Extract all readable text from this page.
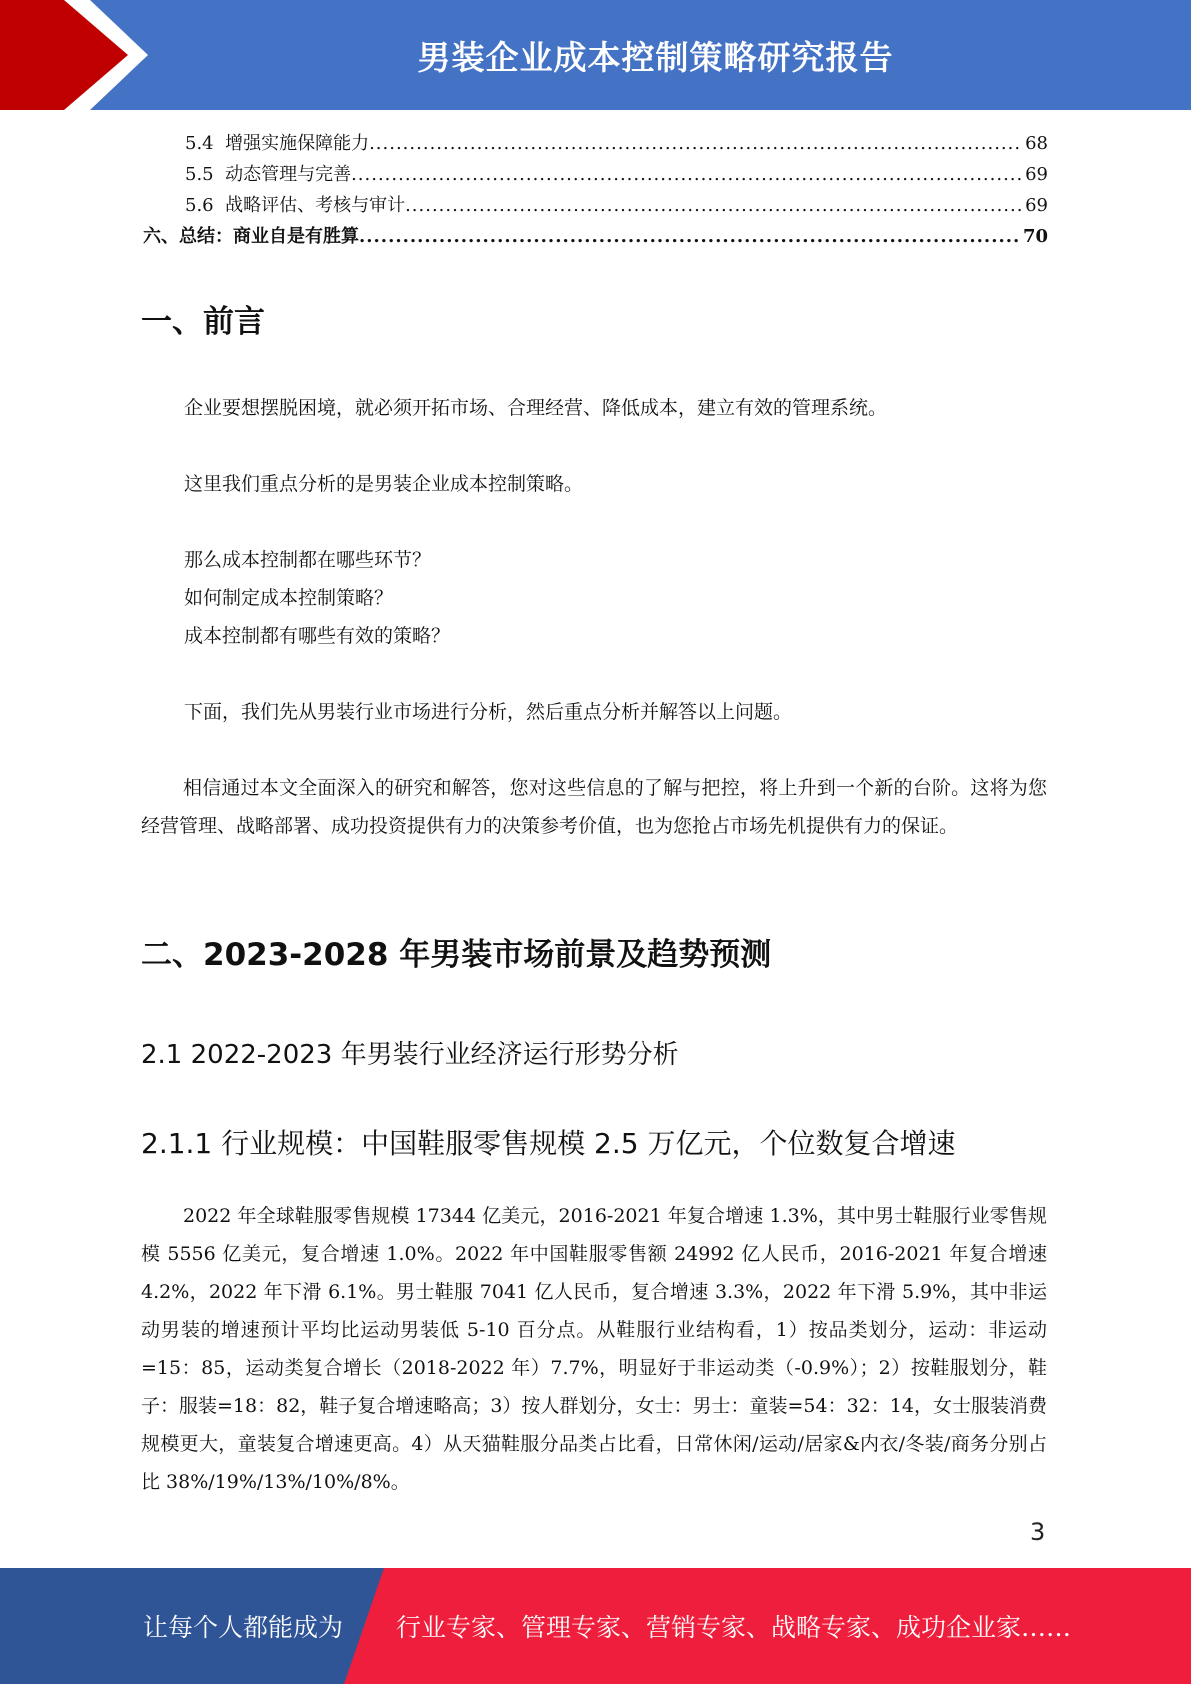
男装企业成本控制策略研究报告
5.4 增强实施保障能力 .....	68
5.5 动态管理与完善 .....	69
5.6 战略评估、考核与审计 .....	69
六、总结：商业自是有胜算 .....	70
一、前言
企业要想摆脱困境，就必须开拓市场、合理经营、降低成本，建立有效的管理系统。
这里我们重点分析的是男装企业成本控制策略。
那么成本控制都在哪些环节？
如何制定成本控制策略？
成本控制都有哪些有效的策略？
下面，我们先从男装行业市场进行分析，然后重点分析并解答以上问题。
相信通过本文全面深入的研究和解答，您对这些信息的了解与把控，将上升到一个新的台阶。这将为您经营管理、战略部署、成功投资提供有力的决策参考价值，也为您抢占市场先机提供有力的保证。
二、2023-2028 年男装市场前景及趋势预测
2.1 2022-2023 年男装行业经济运行形势分析
2.1.1 行业规模：中国鞋服零售规模 2.5 万亿元，个位数复合增速
2022 年全球鞋服零售规模 17344 亿美元，2016-2021 年复合增速 1.3%，其中男士鞋服行业零售规模 5556 亿美元，复合增速 1.0%。2022 年中国鞋服零售额 24992 亿人民币，2016-2021 年复合增速 4.2%，2022 年下滑 6.1%。男士鞋服 7041 亿人民币，复合增速 3.3%，2022 年下滑 5.9%，其中非运动男装的增速预计平均比运动男装低 5-10 百分点。从鞋服行业结构看，1）按品类划分，运动：非运动=15：85，运动类复合增长（2018-2022 年）7.7%，明显好于非运动类（-0.9%）；2）按鞋服划分，鞋子：服装=18：82，鞋子复合增速略高；3）按人群划分，女士：男士：童装=54：32：14，女士服装消费规模更大，童装复合增速更高。4）从天猫鞋服分品类占比看，日常休闲/运动/居家&内衣/冬装/商务分别占比 38%/19%/13%/10%/8%。
3
让每个人都能成为 行业专家、管理专家、营销专家、战略专家、成功企业家……
